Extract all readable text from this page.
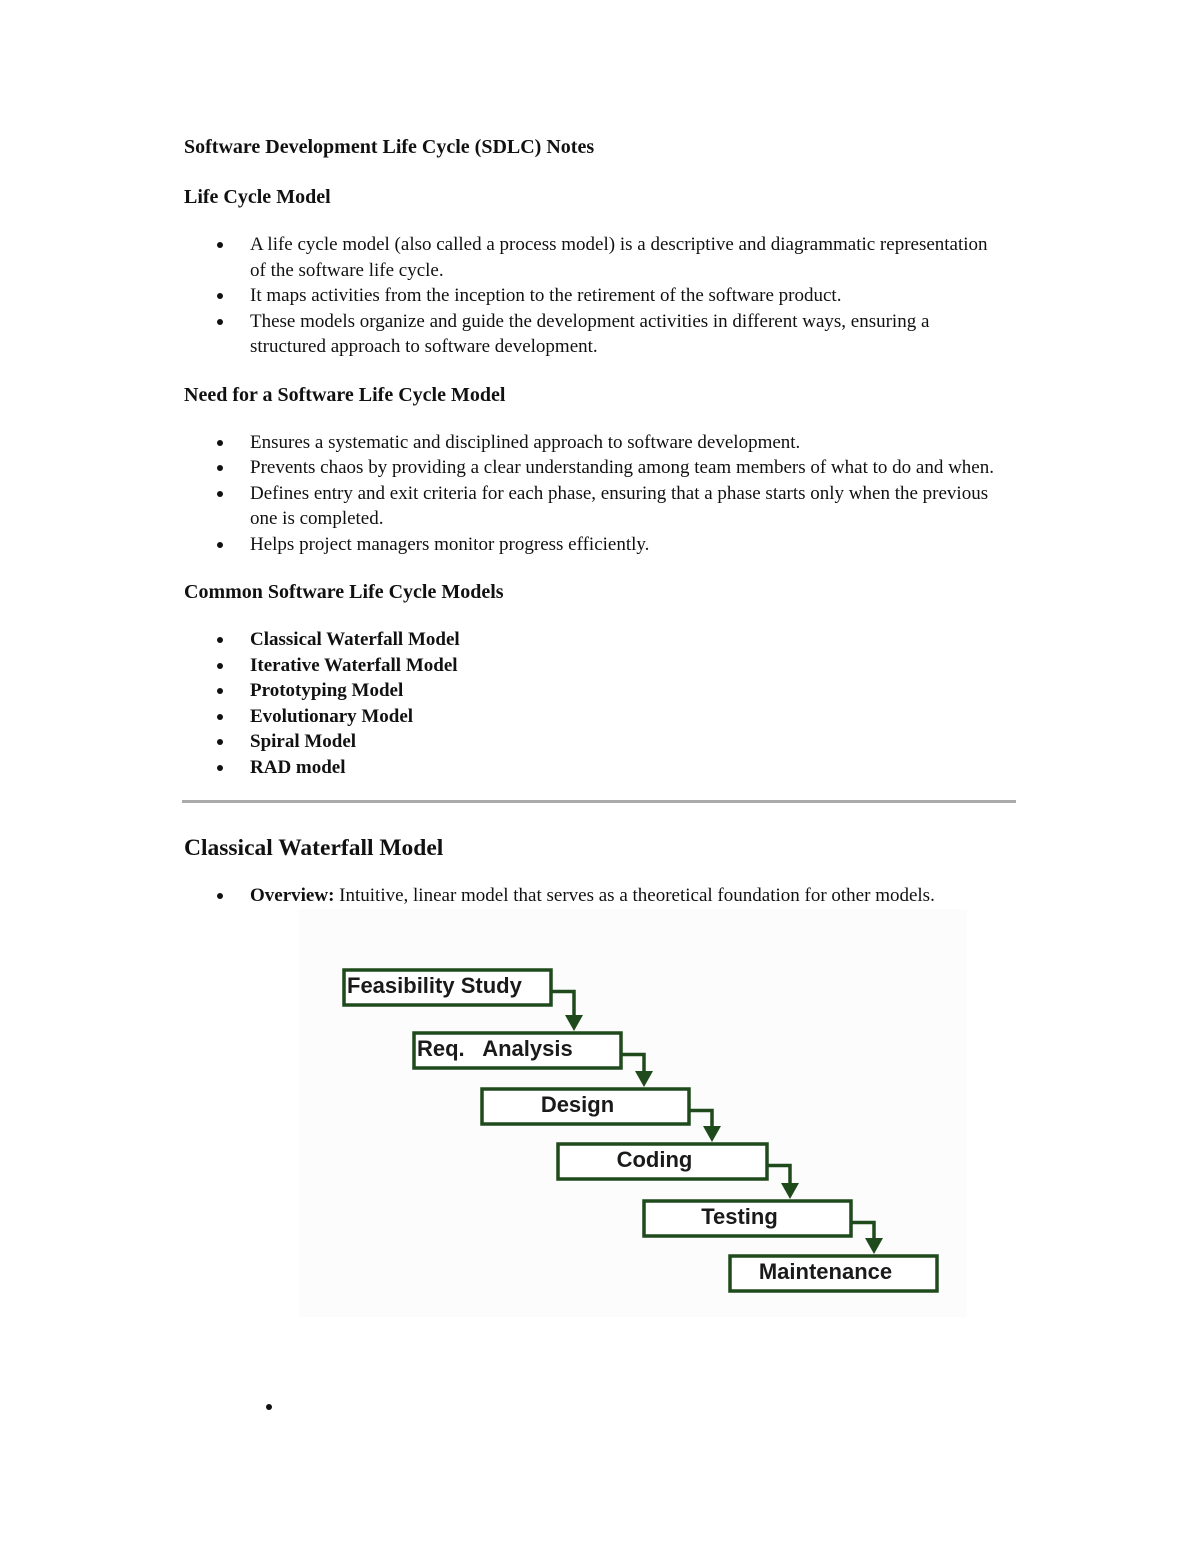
Software Development Life Cycle (SDLC) Notes
Life Cycle Model
A life cycle model (also called a process model) is a descriptive and diagrammatic representation of the software life cycle.
It maps activities from the inception to the retirement of the software product.
These models organize and guide the development activities in different ways, ensuring a structured approach to software development.
Need for a Software Life Cycle Model
Ensures a systematic and disciplined approach to software development.
Prevents chaos by providing a clear understanding among team members of what to do and when.
Defines entry and exit criteria for each phase, ensuring that a phase starts only when the previous one is completed.
Helps project managers monitor progress efficiently.
Common Software Life Cycle Models
Classical Waterfall Model
Iterative Waterfall Model
Prototyping Model
Evolutionary Model
Spiral Model
RAD model
Classical Waterfall Model
Overview: Intuitive, linear model that serves as a theoretical foundation for other models.
Feasibility Study
Req.   Analysis
Design
Coding
Testing
Maintenance
